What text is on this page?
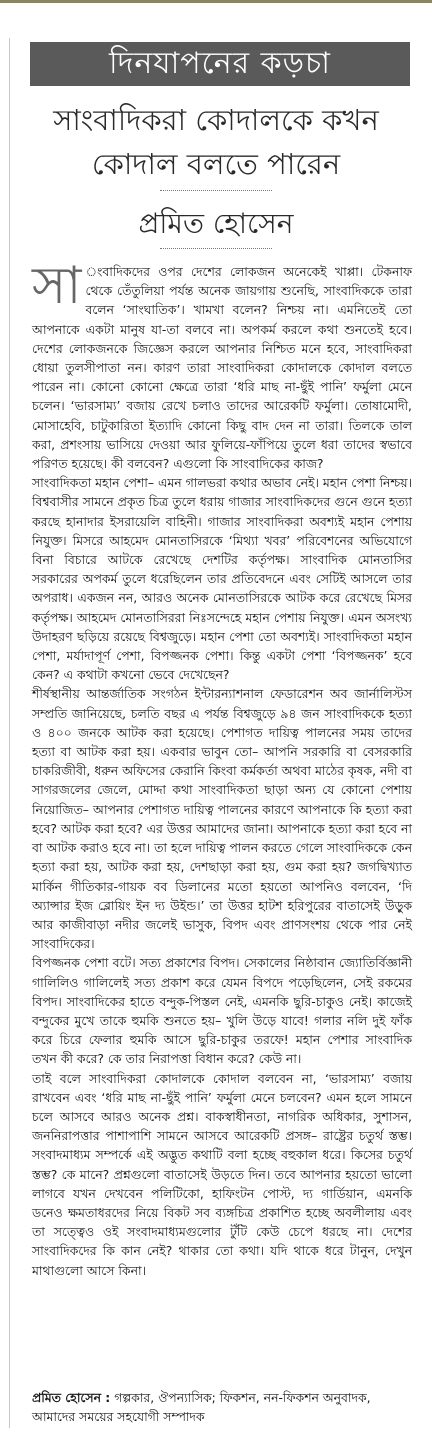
দিনযাপনের কড়চা
সাংবাদিকরা কোদালকে কখন কোদাল বলতে পারেন
প্রমিত হোসেন

সা ংবাদিকদের ওপর দেশের লোকজন অনেকেই খাপ্পা। টেকনাফ থেকে তেঁতুলিয়া পর্যন্ত অনেক জায়গায় শুনেছি, সাংবাদিককে তারা বলেন ‘সাংঘাতিক’। খামখা বলেন? নিশ্চয় না। এমনিতেই তো আপনাকে একটা মানুষ যা-তা বলবে না। অপকর্ম করলে কথা শুনতেই হবে। দেশের লোকজনকে জিজ্ঞেস করলে আপনার নিশ্চিত মনে হবে, সাংবাদিকরা ধোয়া তুলসীপাতা নন। কারণ তারা সাংবাদিকরা কোদালকে কোদাল বলতে পারেন না। কোনো কোনো ক্ষেত্রে তারা ‘ধরি মাছ না-ছুঁই পানি’ ফর্মুলা মেনে চলেন। ‘ভারসাম্য’ বজায় রেখে চলাও তাদের আরেকটি ফর্মুলা। তোষামোদী, মোসাহেবি, চাটুকারিতা ইত্যাদি কোনো কিছু বাদ দেন না তারা। তিলকে তাল করা, প্রশংসায় ভাসিয়ে দেওয়া আর ফুলিয়ে-ফাঁপিয়ে তুলে ধরা তাদের স্বভাবে পরিণত হয়েছে। কী বলবেন? এগুলো কি সাংবাদিকের কাজ?

সাংবাদিকতা মহান পেশা– এমন গালভরা কথার অভাব নেই। মহান পেশা নিশ্চয়। বিশ্ববাসীর সামনে প্রকৃত চিত্র তুলে ধরায় গাজার সাংবাদিকদের গুনে গুনে হত্যা করছে হানাদার ইসরায়েলি বাহিনী। গাজার সাংবাদিকরা অবশ্যই মহান পেশায় নিযুক্ত। মিসরে আহমেদ মোনতাসিরকে ‘মিথ্যা খবর’ পরিবেশনের অভিযোগে বিনা বিচারে আটকে রেখেছে দেশটির কর্তৃপক্ষ। সাংবাদিক মোনতাসির সরকারের অপকর্ম তুলে ধরেছিলেন তার প্রতিবেদনে এবং সেটিই আসলে তার অপরাধ। একজন নন, আরও অনেক মোনতাসিরকে আটক করে রেখেছে মিসর কর্তৃপক্ষ। আহমেদ মোনতাসিররা নিঃসন্দেহে মহান পেশায় নিযুক্ত। এমন অসংখ্য উদাহরণ ছড়িয়ে রয়েছে বিশ্বজুড়ে। মহান পেশা তো অবশ্যই। সাংবাদিকতা মহান পেশা, মর্যাদাপূর্ণ পেশা, বিপজ্জনক পেশা। কিন্তু একটা পেশা ‘বিপজ্জনক’ হবে কেন? এ কথাটা কখনো ভেবে দেখেছেন?

শীর্ষস্থানীয় আন্তর্জাতিক সংগঠন ইন্টারন্যাশনাল ফেডারেশন অব জার্নালিস্টস সম্প্রতি জানিয়েছে, চলতি বছর এ পর্যন্ত বিশ্বজুড়ে ৯৪ জন সাংবাদিককে হত্যা ও ৪০০ জনকে আটক করা হয়েছে। পেশাগত দায়িত্ব পালনের সময় তাদের হত্যা বা আটক করা হয়। একবার ভাবুন তো– আপনি সরকারি বা বেসরকারি চাকরিজীবী, ধরুন অফিসের কেরানি কিংবা কর্মকর্তা অথবা মাঠের কৃষক, নদী বা সাগরজলের জেলে, মোদ্দা কথা সাংবাদিকতা ছাড়া অন্য যে কোনো পেশায় নিয়োজিত– আপনার পেশাগত দায়িত্ব পালনের কারণে আপনাকে কি হত্যা করা হবে? আটক করা হবে? এর উত্তর আমাদের জানা। আপনাকে হত্যা করা হবে না বা আটক করাও হবে না। তা হলে দায়িত্ব পালন করতে গেলে সাংবাদিককে কেন হত্যা করা হয়, আটক করা হয়, দেশছাড়া করা হয়, গুম করা হয়? জগদ্বিখ্যাত মার্কিন গীতিকার-গায়ক বব ডিলানের মতো হয়তো আপনিও বলবেন, ‘দি অ্যান্সার ইজ ব্লোয়িং ইন দ্য উইন্ড।’ তা উত্তর হাটশ হরিপুরের বাতাসেই উড়ুক আর কাজীবাড়া নদীর জলেই ভাসুক, বিপদ এবং প্রাণসংশয় থেকে পার নেই সাংবাদিকের।

বিপজ্জনক পেশা বটে। সত্য প্রকাশের বিপদ। সেকালের নিষ্ঠাবান জ্যোতির্বিজ্ঞানী গালিলিও গালিলেই সত্য প্রকাশ করে যেমন বিপদে পড়েছিলেন, সেই রকমের বিপদ। সাংবাদিকের হাতে বন্দুক-পিস্তল নেই, এমনকি ছুরি-চাকুও নেই। কাজেই বন্দুকের মুখে তাকে হুমকি শুনতে হয়– খুলি উড়ে যাবে! গলার নলি দুই ফাঁক করে চিরে ফেলার হুমকি আসে ছুরি-চাকুর তরফে! মহান পেশার সাংবাদিক তখন কী করে? কে তার নিরাপত্তা বিধান করে? কেউ না।

তাই বলে সাংবাদিকরা কোদালকে কোদাল বলবেন না, ‘ভারসাম্য’ বজায় রাখবেন এবং ‘ধরি মাছ না-ছুঁই পানি’ ফর্মুলা মেনে চলবেন? এমন হলে সামনে চলে আসবে আরও অনেক প্রশ্ন। বাকস্বাধীনতা, নাগরিক অধিকার, সুশাসন, জননিরাপত্তার পাশাপাশি সামনে আসবে আরেকটি প্রসঙ্গ– রাষ্ট্রের চতুর্থ স্তম্ভ। সংবাদমাধ্যম সম্পর্কে এই অদ্ভুত কথাটি বলা হচ্ছে বহুকাল ধরে। কিসের চতুর্থ স্তম্ভ? কে মানে? প্রশ্নগুলো বাতাসেই উড়তে দিন। তবে আপনার হয়তো ভালো লাগবে যখন দেখবেন পলিটিকো, হাফিংটন পোস্ট, দ্য গার্ডিয়ান, এমনকি ডনেও ক্ষমতাধরদের নিয়ে বিকট সব ব্যঙ্গচিত্র প্রকাশিত হচ্ছে অবলীলায় এবং তা সত্ত্বেও ওই সংবাদমাধ্যমগুলোর টুঁটি কেউ চেপে ধরছে না। দেশের সাংবাদিকদের কি কান নেই? থাকার তো কথা। যদি থাকে ধরে টানুন, দেখুন মাথাগুলো আসে কিনা।

প্রমিত হোসেন : গল্পকার, ঔপন্যাসিক; ফিকশন, নন-ফিকশন অনুবাদক, আমাদের সময়ের সহযোগী সম্পাদক
